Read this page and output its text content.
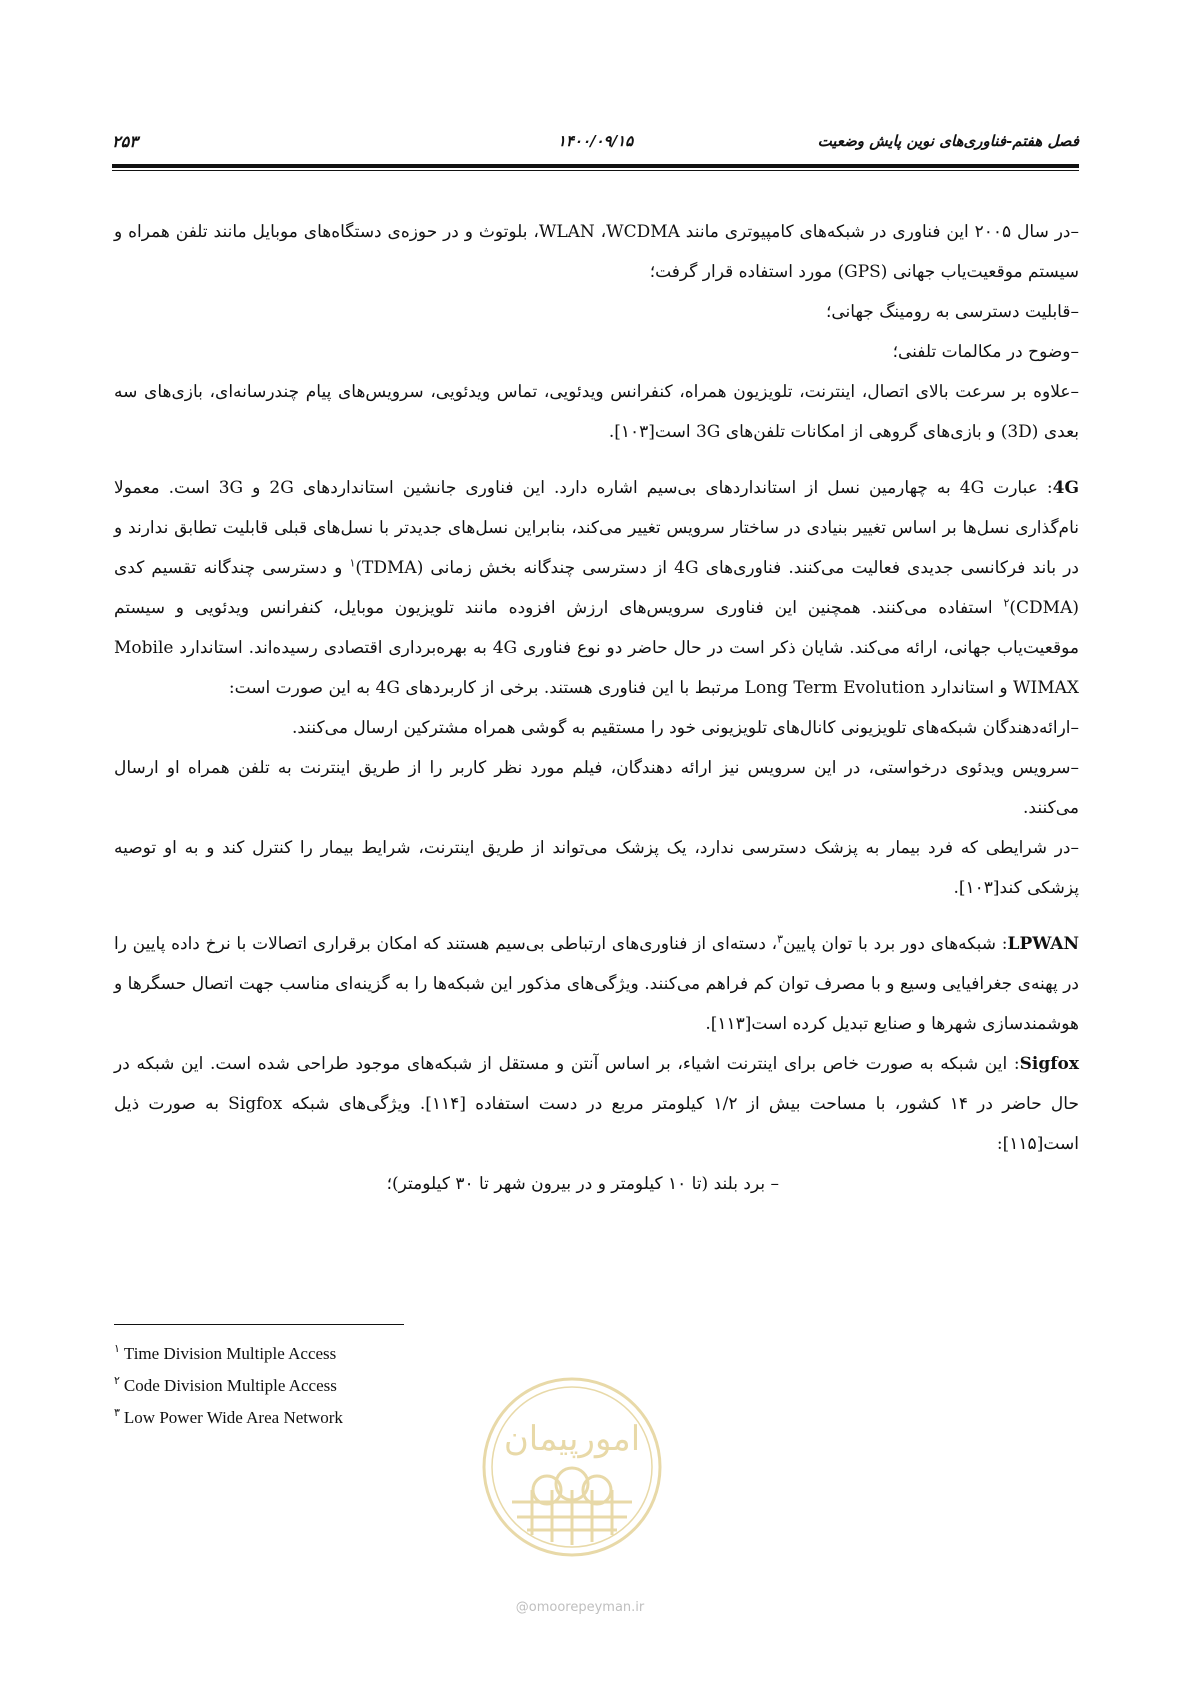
فصل هفتم-فناوری‌های نوین پایش وضعیت
۱۴۰۰/۰۹/۱۵
۲۵۳

–در سال ۲۰۰۵ این فناوری در شبکه‌های کامپیوتری مانند WLAN ،WCDMA، بلوتوث و در حوزه‌ی دستگاه‌های موبایل مانند تلفن همراه و سیستم موقعیت‌یاب جهانی (GPS) مورد استفاده قرار گرفت؛

–قابلیت دسترسی به رومینگ جهانی؛

–وضوح در مکالمات تلفنی؛

–علاوه بر سرعت بالای اتصال، اینترنت، تلویزیون همراه، کنفرانس ویدئویی، تماس ویدئویی، سرویس‌های پیام چندرسانه‌ای، بازی‌های سه بعدی (3D) و بازی‌های گروهی از امکانات تلفن‌های 3G است[۱۰۳].

4G: عبارت 4G به چهارمین نسل از استانداردهای بی‌سیم اشاره دارد. این فناوری جانشین استانداردهای 2G و 3G است. معمولا نام‌گذاری نسل‌ها بر اساس تغییر بنیادی در ساختار سرویس تغییر می‌کند، بنابراین نسل‌های جدیدتر با نسل‌های قبلی قابلیت تطابق ندارند و در باند فرکانسی جدیدی فعالیت می‌کنند. فناوری‌های 4G از دسترسی چندگانه بخش زمانی (TDMA)$^۱$ و دسترسی چندگانه تقسیم کدی (CDMA)$^۲$ استفاده می‌کنند. همچنین این فناوری سرویس‌های ارزش افزوده مانند تلویزیون موبایل، کنفرانس ویدئویی و سیستم موقعیت‌یاب جهانی، ارائه می‌کند. شایان ذکر است در حال حاضر دو نوع فناوری 4G به بهره‌برداری اقتصادی رسیده‌اند. استاندارد Mobile WIMAX و استاندارد Long Term Evolution مرتبط با این فناوری هستند. برخی از کاربردهای 4G به این صورت است:

–ارائه‌دهندگان شبکه‌های تلویزیونی کانال‌های تلویزیونی خود را مستقیم به گوشی همراه مشترکین ارسال می‌کنند.

–سرویس ویدئوی درخواستی، در این سرویس نیز ارائه دهندگان، فیلم مورد نظر کاربر را از طریق اینترنت به تلفن همراه او ارسال می‌کنند.

–در شرایطی که فرد بیمار به پزشک دسترسی ندارد، یک پزشک می‌تواند از طریق اینترنت، شرایط بیمار را کنترل کند و به او توصیه پزشکی کند[۱۰۳].

LPWAN: شبکه‌های دور برد با توان پایین$^۳$، دسته‌ای از فناوری‌های ارتباطی بی‌سیم هستند که امکان برقراری اتصالات با نرخ داده پایین را در پهنه‌ی جغرافیایی وسیع و با مصرف توان کم فراهم می‌کنند. ویژگی‌های مذکور این شبکه‌ها را به گزینه‌ای مناسب جهت اتصال حسگرها و هوشمندسازی شهرها و صنایع تبدیل کرده است[۱۱۳].

Sigfox: این شبکه به صورت خاص برای اینترنت اشیاء، بر اساس آنتن و مستقل از شبکه‌های موجود طراحی شده است. این شبکه در حال حاضر در ۱۴ کشور، با مساحت بیش از ۱/۲ کیلومتر مربع در دست استفاده [۱۱۴]. ویژگی‌های شبکه Sigfox به صورت ذیل است[۱۱۵]:

– برد بلند (تا ۱۰ کیلومتر و در بیرون شهر تا ۳۰ کیلومتر)؛

$^۱$ Time Division Multiple Access
$^۲$ Code Division Multiple Access
$^۳$ Low Power Wide Area Network
امورپیمان
@omoorepeyman.ir
